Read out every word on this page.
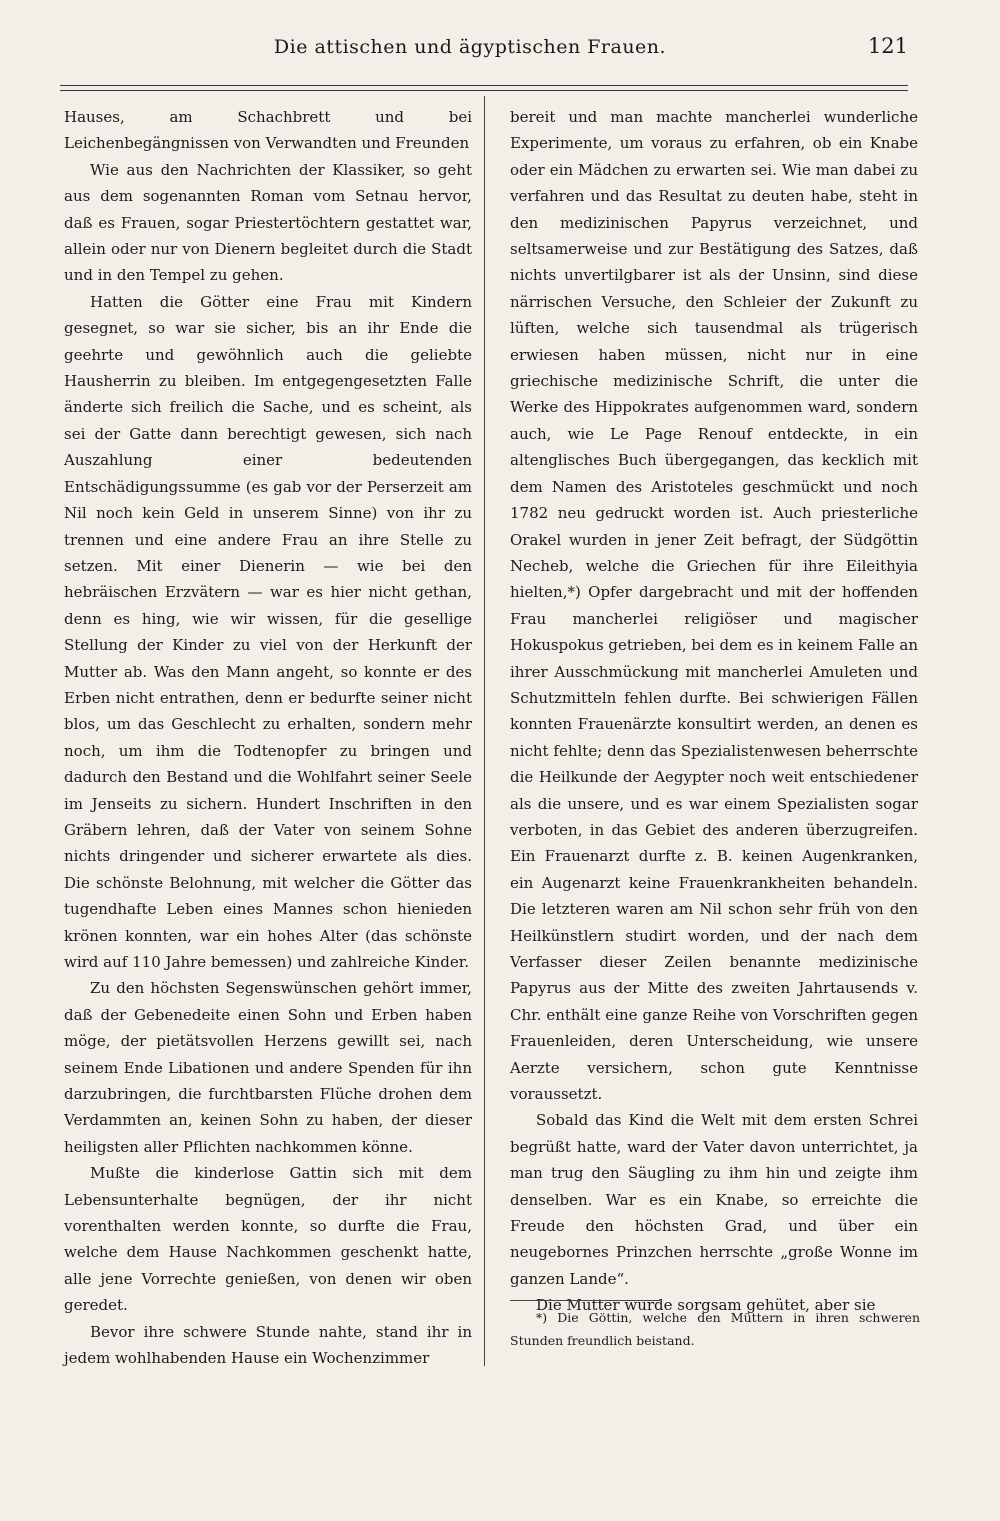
Die attischen und ägyptischen Frauen.	121

Hauses, am Schachbrett und bei Leichenbegängnissen von Verwandten und Freunden

Wie aus den Nachrichten der Klassiker, so geht aus dem sogenannten Roman vom Setnau hervor, daß es Frauen, sogar Priestertöchtern gestattet war, allein oder nur von Dienern begleitet durch die Stadt und in den Tempel zu gehen.

Hatten die Götter eine Frau mit Kindern gesegnet, so war sie sicher, bis an ihr Ende die geehrte und gewöhnlich auch die geliebte Hausherrin zu bleiben. Im entgegengesetzten Falle änderte sich freilich die Sache, und es scheint, als sei der Gatte dann berechtigt gewesen, sich nach Auszahlung einer bedeutenden Entschädigungssumme (es gab vor der Perserzeit am Nil noch kein Geld in unserem Sinne) von ihr zu trennen und eine andere Frau an ihre Stelle zu setzen. Mit einer Dienerin — wie bei den hebräischen Erzvätern — war es hier nicht gethan, denn es hing, wie wir wissen, für die gesellige Stellung der Kinder zu viel von der Herkunft der Mutter ab. Was den Mann angeht, so konnte er des Erben nicht entrathen, denn er bedurfte seiner nicht blos, um das Geschlecht zu erhalten, sondern mehr noch, um ihm die Todtenopfer zu bringen und dadurch den Bestand und die Wohlfahrt seiner Seele im Jenseits zu sichern. Hundert Inschriften in den Gräbern lehren, daß der Vater von seinem Sohne nichts dringender und sicherer erwartete als dies. Die schönste Belohnung, mit welcher die Götter das tugendhafte Leben eines Mannes schon hienieden krönen konnten, war ein hohes Alter (das schönste wird auf 110 Jahre bemessen) und zahlreiche Kinder.

Zu den höchsten Segenswünschen gehört immer, daß der Gebenedeite einen Sohn und Erben haben möge, der pietätsvollen Herzens gewillt sei, nach seinem Ende Libationen und andere Spenden für ihn darzubringen, die furchtbarsten Flüche drohen dem Verdammten an, keinen Sohn zu haben, der dieser heiligsten aller Pflichten nachkommen könne.

Mußte die kinderlose Gattin sich mit dem Lebensunterhalte begnügen, der ihr nicht vorenthalten werden konnte, so durfte die Frau, welche dem Hause Nachkommen geschenkt hatte, alle jene Vorrechte genießen, von denen wir oben geredet.

Bevor ihre schwere Stunde nahte, stand ihr in jedem wohlhabenden Hause ein Wochenzimmer

bereit und man machte mancherlei wunderliche Experimente, um voraus zu erfahren, ob ein Knabe oder ein Mädchen zu erwarten sei. Wie man dabei zu verfahren und das Resultat zu deuten habe, steht in den medizinischen Papyrus verzeichnet, und seltsamerweise und zur Bestätigung des Satzes, daß nichts unvertilgbarer ist als der Unsinn, sind diese närrischen Versuche, den Schleier der Zukunft zu lüften, welche sich tausendmal als trügerisch erwiesen haben müssen, nicht nur in eine griechische medizinische Schrift, die unter die Werke des Hippokrates aufgenommen ward, sondern auch, wie Le Page Renouf entdeckte, in ein altenglisches Buch übergegangen, das kecklich mit dem Namen des Aristoteles geschmückt und noch 1782 neu gedruckt worden ist. Auch priesterliche Orakel wurden in jener Zeit befragt, der Südgöttin Necheb, welche die Griechen für ihre Eileithyia hielten,*) Opfer dargebracht und mit der hoffenden Frau mancherlei religiöser und magischer Hokuspokus getrieben, bei dem es in keinem Falle an ihrer Ausschmückung mit mancherlei Amuleten und Schutzmitteln fehlen durfte. Bei schwierigen Fällen konnten Frauenärzte konsultirt werden, an denen es nicht fehlte; denn das Spezialistenwesen beherrschte die Heilkunde der Aegypter noch weit entschiedener als die unsere, und es war einem Spezialisten sogar verboten, in das Gebiet des anderen überzugreifen. Ein Frauenarzt durfte z. B. keinen Augenkranken, ein Augenarzt keine Frauenkrankheiten behandeln. Die letzteren waren am Nil schon sehr früh von den Heilkünstlern studirt worden, und der nach dem Verfasser dieser Zeilen benannte medizinische Papyrus aus der Mitte des zweiten Jahrtausends v. Chr. enthält eine ganze Reihe von Vorschriften gegen Frauenleiden, deren Unterscheidung, wie unsere Aerzte versichern, schon gute Kenntnisse voraussetzt.

Sobald das Kind die Welt mit dem ersten Schrei begrüßt hatte, ward der Vater davon unterrichtet, ja man trug den Säugling zu ihm hin und zeigte ihm denselben. War es ein Knabe, so erreichte die Freude den höchsten Grad, und über ein neugebornes Prinzchen herrschte „große Wonne im ganzen Lande“.

Die Mutter wurde sorgsam gehütet, aber sie

*) Die Göttin, welche den Müttern in ihren schweren Stunden freundlich beistand.
